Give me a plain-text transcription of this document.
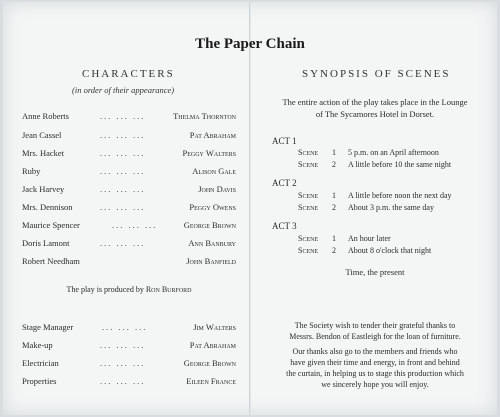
The Paper Chain
CHARACTERS
(in order of their appearance)
Anne Roberts	... ... ...	Thelma Thornton
Jean Cassel	... ... ...	Pat Abraham
Mrs. Hacket	... ... ...	Peggy Walters
Ruby	... ... ...	Alison Gale
Jack Harvey	... ... ...	John Davis
Mrs. Dennison	... ... ...	Peggy Owens
Maurice Spencer	... ... ...	George Brown
Doris Lamont	... ... ...	Ann Banbury
Robert Needham	John Banfield
The play is produced by Ron Burford
Stage Manager	... ... ...	Jim Walters
Make-up	... ... ...	Pat Abraham
Electrician	... ... ...	George Brown
Properties	... ... ...	Eileen France
SYNOPSIS OF SCENES
The entire action of the play takes place in the Lounge
of The Sycamores Hotel in Dorset.
ACT 1
Scene	1	5 p.m. on an April afternoon
Scene	2	A little before 10 the same night
ACT 2
Scene	1	A little before noon the next day
Scene	2	About 3 p.m. the same day
ACT 3
Scene	1	An hour later
Scene	2	About 8 o'clock that night
Time, the present
The Society wish to tender their grateful thanks to
Messrs. Bendon of Eastleigh for the loan of furniture.
Our thanks also go to the members and friends who
have given their time and energy, in front and behind
the curtain, in helping us to stage this production which
we sincerely hope you will enjoy.
